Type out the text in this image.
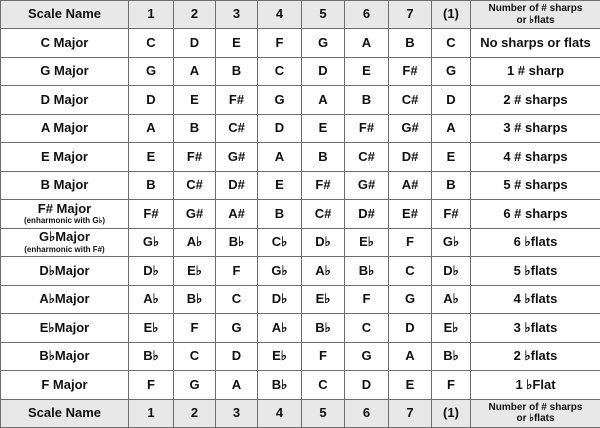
Scale Name	1	2	3	4	5	6	7	(1)	Number of # sharps
or ♭flats

C Major	C	D	E	F	G	A	B	C	No sharps or flats

G Major	G	A	B	C	D	E	F#	G	1 # sharp

D Major	D	E	F#	G	A	B	C#	D	2 # sharps

A Major	A	B	C#	D	E	F#	G#	A	3 # sharps

E Major	E	F#	G#	A	B	C#	D#	E	4 # sharps

B Major	B	C#	D#	E	F#	G#	A#	B	5 # sharps

F# Major
(enharmonic with G♭)	F#	G#	A#	B	C#	D#	E#	F#	6 # sharps

G♭Major
(enharmonic with F#)	G♭	A♭	B♭	C♭	D♭	E♭	F	G♭	6 ♭flats

D♭Major	D♭	E♭	F	G♭	A♭	B♭	C	D♭	5 ♭flats

A♭Major	A♭	B♭	C	D♭	E♭	F	G	A♭	4 ♭flats

E♭Major	E♭	F	G	A♭	B♭	C	D	E♭	3 ♭flats

B♭Major	B♭	C	D	E♭	F	G	A	B♭	2 ♭flats

F Major	F	G	A	B♭	C	D	E	F	1 ♭Flat
Scale Name	1	2	3	4	5	6	7	(1)	Number of # sharps
or ♭flats
